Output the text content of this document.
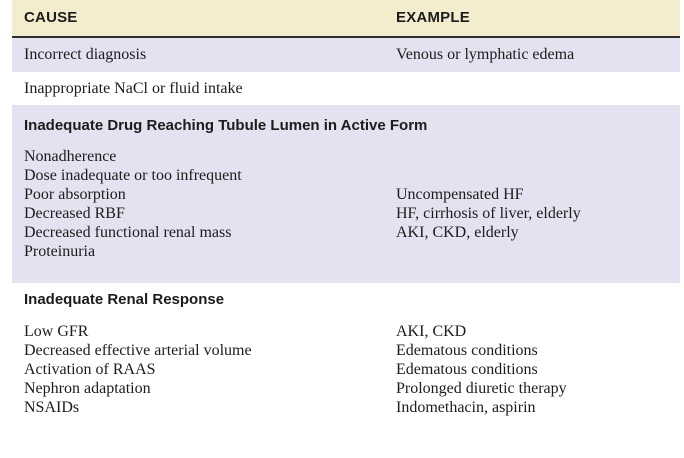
CAUSE	EXAMPLE
Incorrect diagnosis	Venous or lymphatic edema
Inappropriate NaCl or fluid intake
Inadequate Drug Reaching Tubule Lumen in Active Form
Nonadherence
Dose inadequate or too infrequent
Poor absorption
Decreased RBF
Decreased functional renal mass
Proteinuria
Uncompensated HF
HF, cirrhosis of liver, elderly
AKI, CKD, elderly
Inadequate Renal Response
Low GFR
Decreased effective arterial volume
Activation of RAAS
Nephron adaptation
NSAIDs
AKI, CKD
Edematous conditions
Edematous conditions
Prolonged diuretic therapy
Indomethacin, aspirin
